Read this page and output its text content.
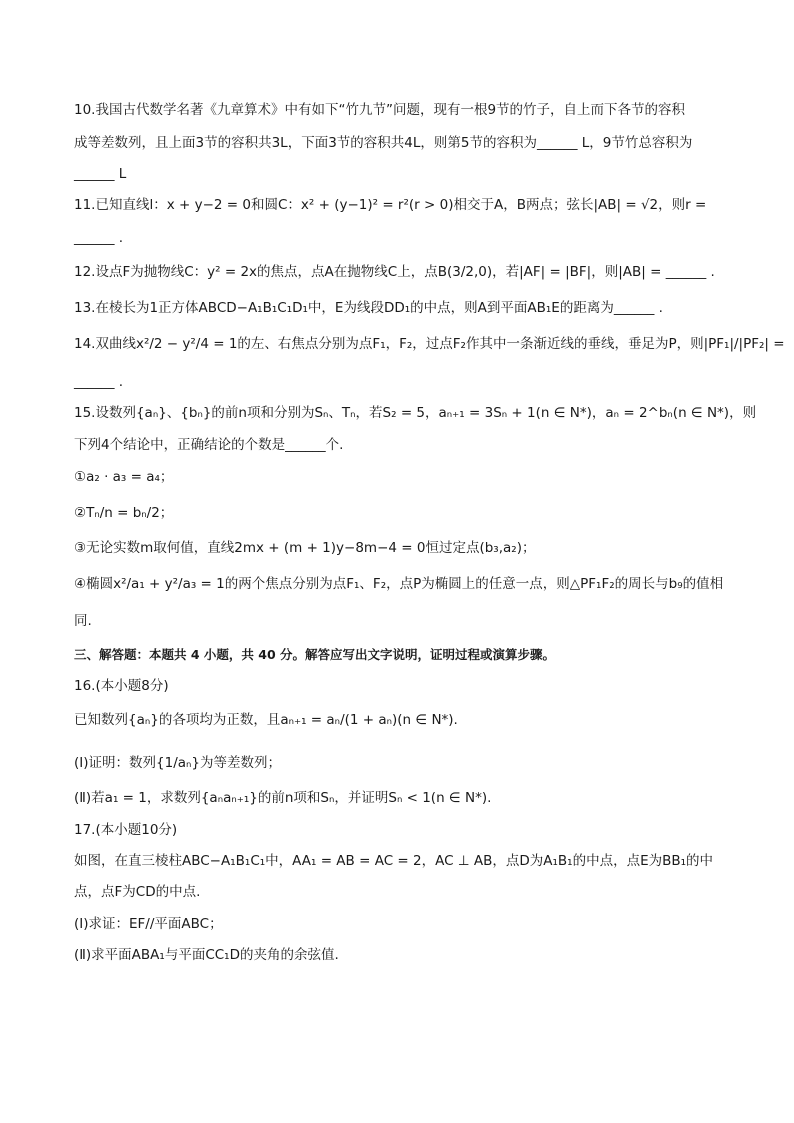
10.我国古代数学名著《九章算术》中有如下“竹九节”问题，现有一根9节的竹子，自上而下各节的容积
成等差数列，且上面3节的容积共3L，下面3节的容积共4L，则第5节的容积为______ L，9节竹总容积为
______ L
11.已知直线l：x + y−2 = 0和圆C：x² + (y−1)² = r²(r > 0)相交于A，B两点；弦长|AB| = √2，则r =
______ .
12.设点F为抛物线C：y² = 2x的焦点，点A在抛物线C上，点B(3/2,0)，若|AF| = |BF|，则|AB| = ______ .
13.在棱长为1正方体ABCD−A₁B₁C₁D₁中，E为线段DD₁的中点，则A到平面AB₁E的距离为______ .
14.双曲线x²/2 − y²/4 = 1的左、右焦点分别为点F₁，F₂，过点F₂作其中一条渐近线的垂线，垂足为P，则|PF₁|/|PF₂| =
______ .
15.设数列{aₙ}、{bₙ}的前n项和分别为Sₙ、Tₙ，若S₂ = 5，aₙ₊₁ = 3Sₙ + 1(n ∈ N*)，aₙ = 2^bₙ(n ∈ N*)，则
下列4个结论中，正确结论的个数是______个.
①a₂ · a₃ = a₄；
②Tₙ/n = bₙ/2；
③无论实数m取何值，直线2mx + (m + 1)y−8m−4 = 0恒过定点(b₃,a₂)；
④椭圆x²/a₁ + y²/a₃ = 1的两个焦点分别为点F₁、F₂，点P为椭圆上的任意一点，则△PF₁F₂的周长与b₉的值相
同.
三、解答题：本题共 4 小题，共 40 分。解答应写出文字说明，证明过程或演算步骤。
16.(本小题8分)
已知数列{aₙ}的各项均为正数，且aₙ₊₁ = aₙ/(1 + aₙ)(n ∈ N*).
(Ⅰ)证明：数列{1/aₙ}为等差数列；
(Ⅱ)若a₁ = 1，求数列{aₙaₙ₊₁}的前n项和Sₙ，并证明Sₙ < 1(n ∈ N*).
17.(本小题10分)
如图，在直三棱柱ABC−A₁B₁C₁中，AA₁ = AB = AC = 2，AC ⊥ AB，点D为A₁B₁的中点，点E为BB₁的中
点，点F为CD的中点.
(Ⅰ)求证：EF//平面ABC；
(Ⅱ)求平面ABA₁与平面CC₁D的夹角的余弦值.
